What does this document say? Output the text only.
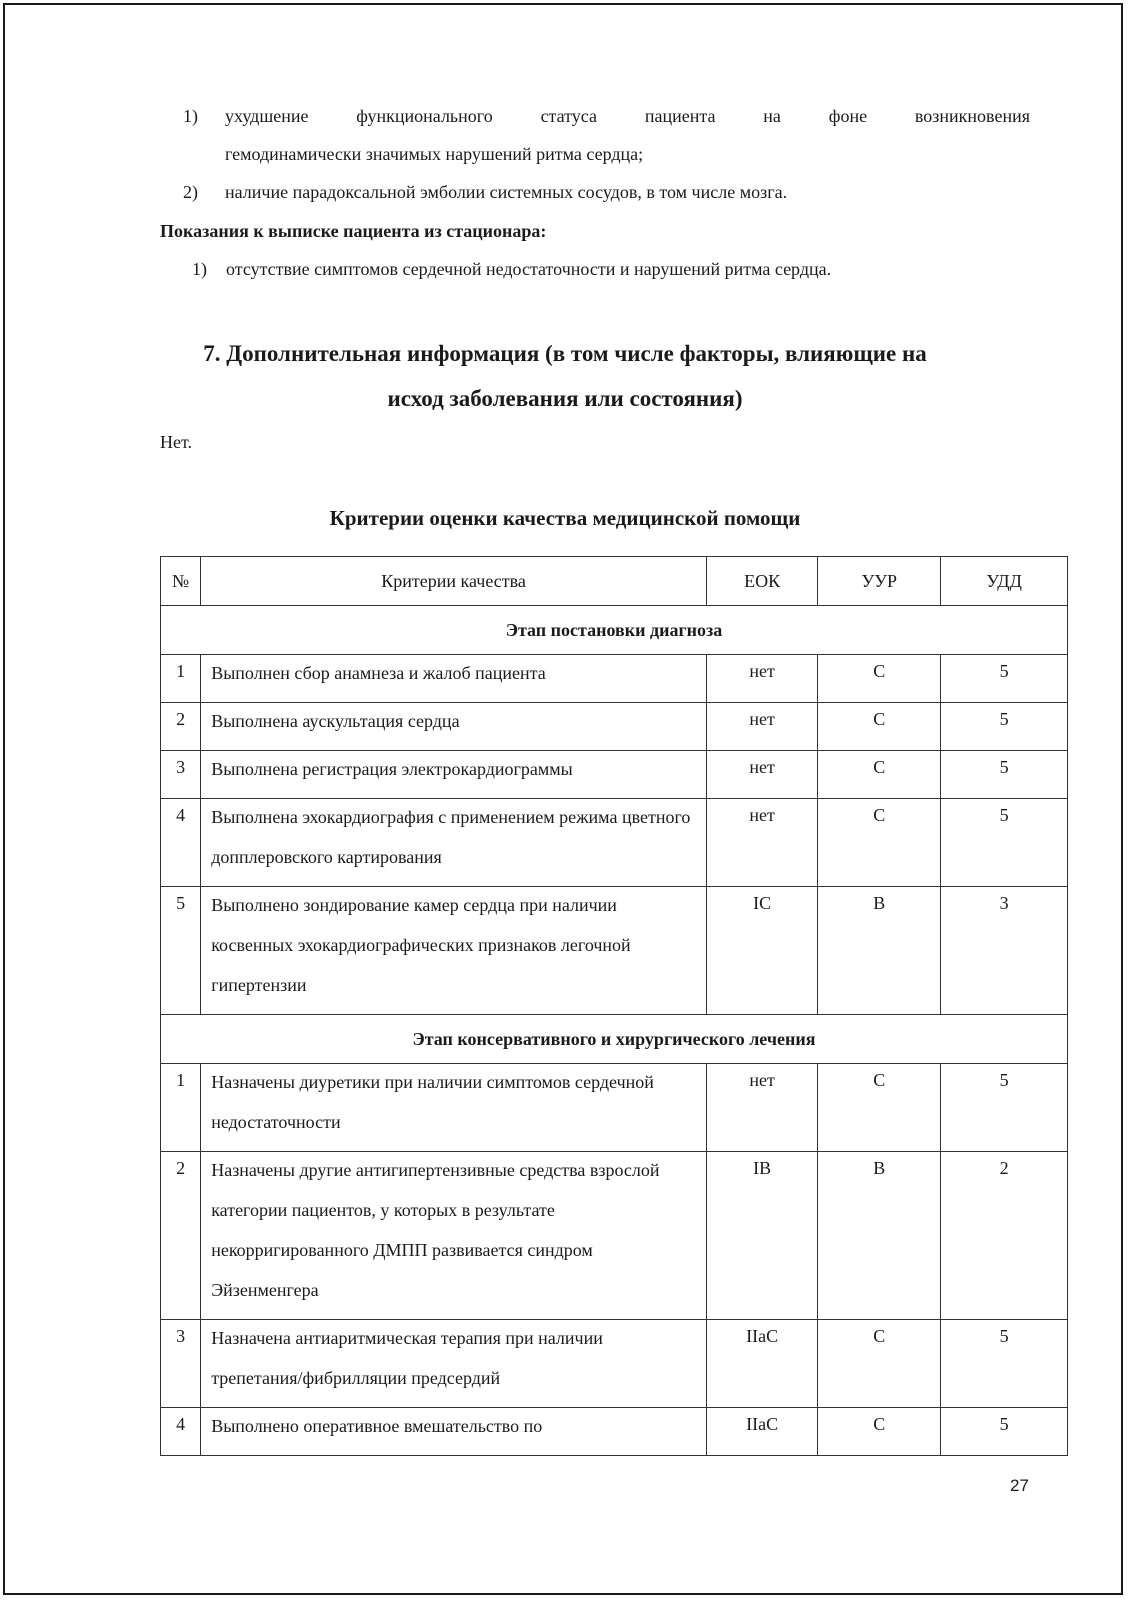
1) ухудшение функционального статуса пациента на фоне возникновения
гемодинамически значимых нарушений ритма сердца;
2) наличие парадоксальной эмболии системных сосудов, в том числе мозга.
Показания к выписке пациента из стационара:
1) отсутствие симптомов сердечной недостаточности и нарушений ритма сердца.
7. Дополнительная информация (в том числе факторы, влияющие на
исход заболевания или состояния)
Нет.
Критерии оценки качества медицинской помощи
№	Критерии качества	ЕОК	УУР	УДД
Этап постановки диагноза				
1	Выполнен сбор анамнеза и жалоб пациента	нет	С	5
2	Выполнена аускультация сердца	нет	С	5
3	Выполнена регистрация электрокардиограммы	нет	С	5
4	Выполнена эхокардиография с применением режима цветного допплеровского картирования	нет	С	5
5	Выполнено зондирование камер сердца при наличии косвенных эхокардиографических признаков легочной гипертензии	IС	В	3
Этап консервативного и хирургического лечения				
1	Назначены диуретики при наличии симптомов сердечной недостаточности	нет	С	5
2	Назначены другие антигипертензивные средства взрослой категории пациентов, у которых в результате некорригированного ДМПП развивается синдром Эйзенменгера	IВ	В	2
3	Назначена антиаритмическая терапия при наличии трепетания/фибрилляции предсердий	IIаС	С	5
4	Выполнено оперативное вмешательство по	IIаС	С	5
27
